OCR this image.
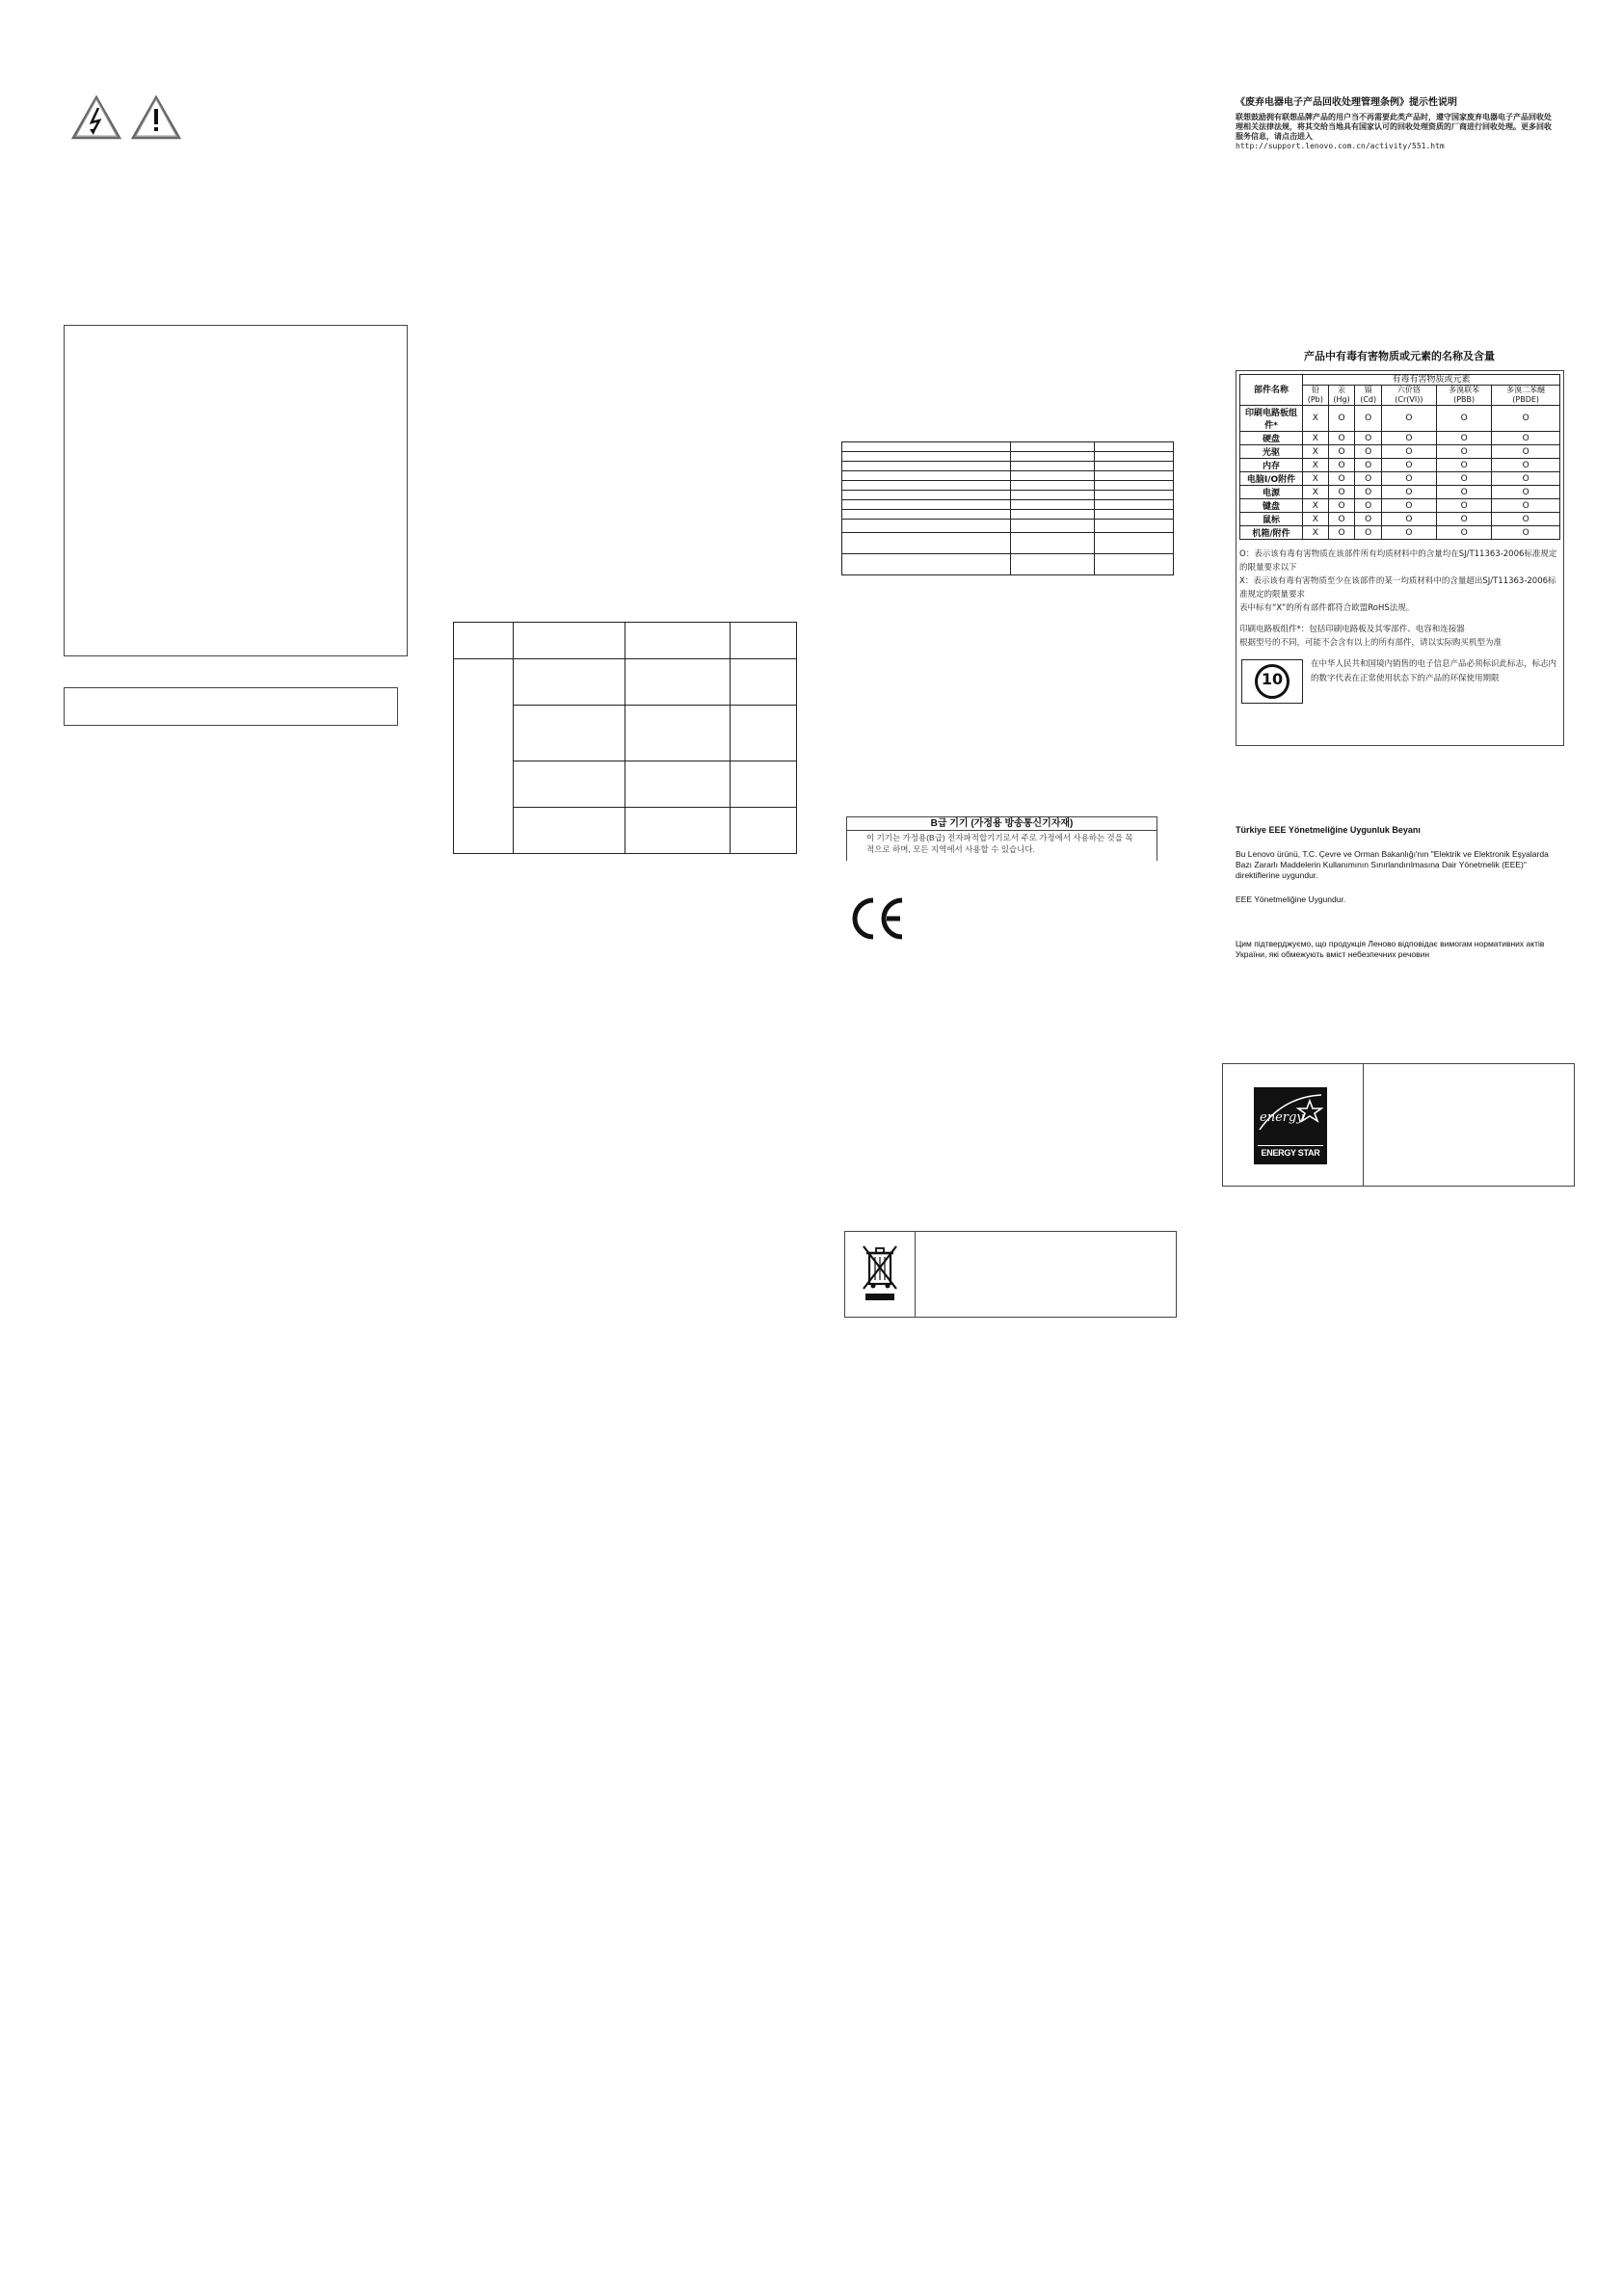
B급 기기 (가정용 방송통신기자재)
이 기기는 가정용(B급) 전자파적합기기로서 주로 가정에서 사용하는 것을 목적으로 하며, 모든 지역에서 사용할 수 있습니다.
《废弃电器电子产品回收处理管理条例》提示性说明
联想鼓励拥有联想品牌产品的用户当不再需要此类产品时，遵守国家废弃电器电子产品回收处理相关法律法规，将其交给当地具有国家认可的回收处理资质的厂商进行回收处理。更多回收服务信息，请点击进入
http://support.lenovo.com.cn/activity/551.htm
产品中有毒有害物质或元素的名称及含量
部件名称	有毒有害物质或元素					
	铅(Pb)	汞(Hg)	镉(Cd)	六价铬 (Cr(VI))	多溴联苯 (PBB)	多溴二苯醚 (PBDE)
印刷电路板组件*	X	O	O	O	O	O
硬盘	X	O	O	O	O	O
光驱	X	O	O	O	O	O
内存	X	O	O	O	O	O
电脑I/O附件	X	O	O	O	O	O
电源	X	O	O	O	O	O
键盘	X	O	O	O	O	O
鼠标	X	O	O	O	O	O
机箱/附件	X	O	O	O	O	O
O：表示该有毒有害物质在该部件所有均质材料中的含量均在SJ/T11363-2006标准规定的限量要求以下
X：表示该有毒有害物质至少在该部件的某一均质材料中的含量超出SJ/T11363-2006标准规定的限量要求
表中标有“X”的所有部件都符合欧盟RoHS法规。
印刷电路板组件*：包括印刷电路板及其零部件、电容和连接器
根据型号的不同，可能不会含有以上的所有部件，请以实际购买机型为准
10
在中华人民共和国境内销售的电子信息产品必须标识此标志，标志内的数字代表在正常使用状态下的产品的环保使用期限
Türkiye EEE Yönetmeliğine Uygunluk Beyanı
Bu Lenovo ürünü, T.C. Çevre ve Orman Bakanlığı'nın "Elektrik ve Elektronik Eşyalarda Bazı Zararlı Maddelerin Kullanımının Sınırlandırılmasına Dair Yönetmelik (EEE)" direktiflerine uygundur.
EEE Yönetmeliğine Uygundur.
Цим підтверджуємо, що продукція Леново відповідає вимогам нормативних актів України, які обмежують вміст небезпечних речовин
energy
ENERGY STAR
